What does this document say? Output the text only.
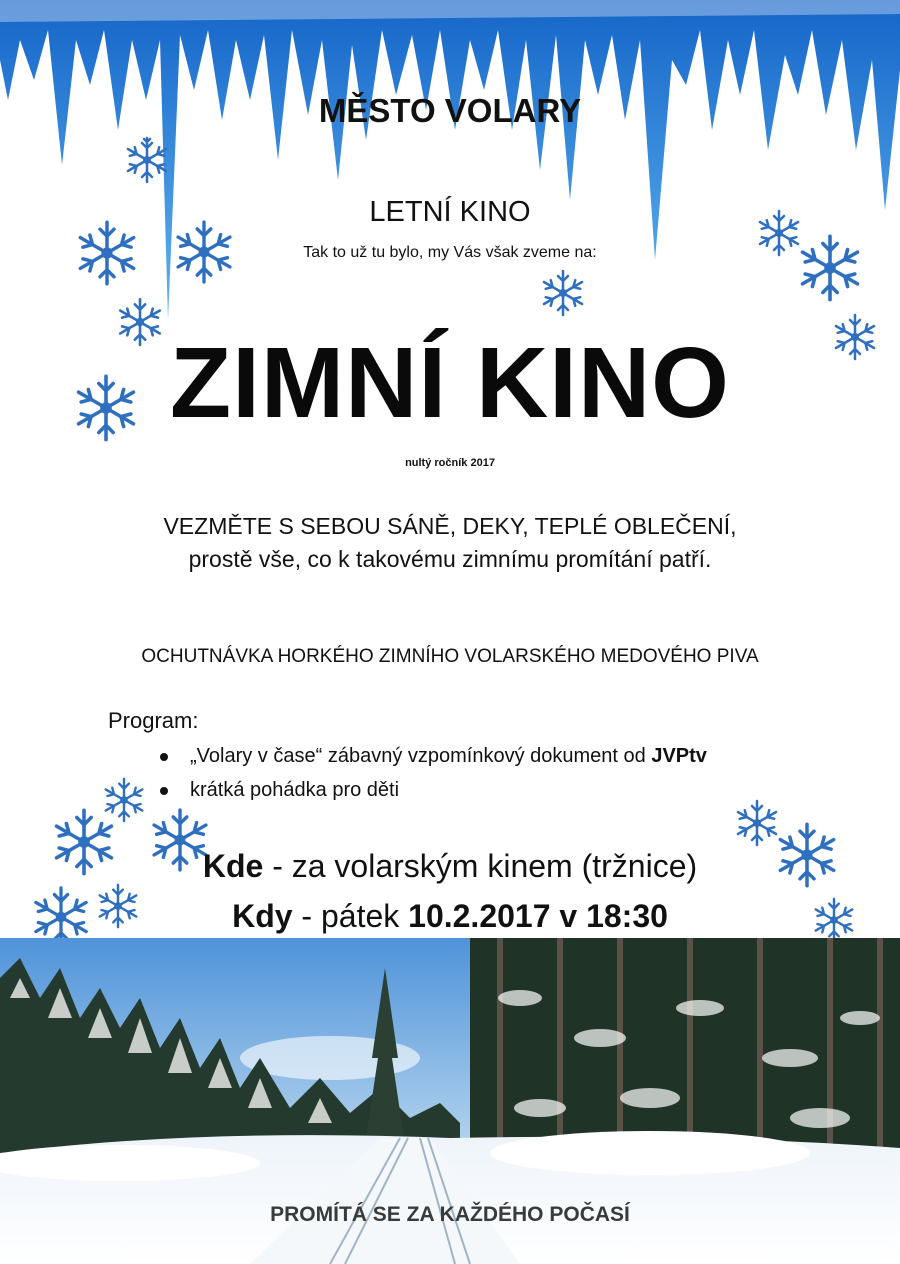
MĚSTO VOLARY
LETNÍ KINO
Tak to už tu bylo, my Vás však zveme na:
ZIMNÍ KINO
nultý ročník 2017
VEZMĚTE S SEBOU SÁNĚ, DEKY, TEPLÉ OBLEČENÍ,
prostě vše, co k takovému zimnímu promítání patří.
OCHUTNÁVKA HORKÉHO ZIMNÍHO VOLARSKÉHO MEDOVÉHO PIVA
Program:
„Volary v čase“ zábavný vzpomínkový dokument od JVPtv
krátká pohádka pro děti
Kde - za volarským kinem (tržnice)
Kdy - pátek 10.2.2017 v 18:30
PROMÍTÁ SE ZA KAŽDÉHO POČASÍ
